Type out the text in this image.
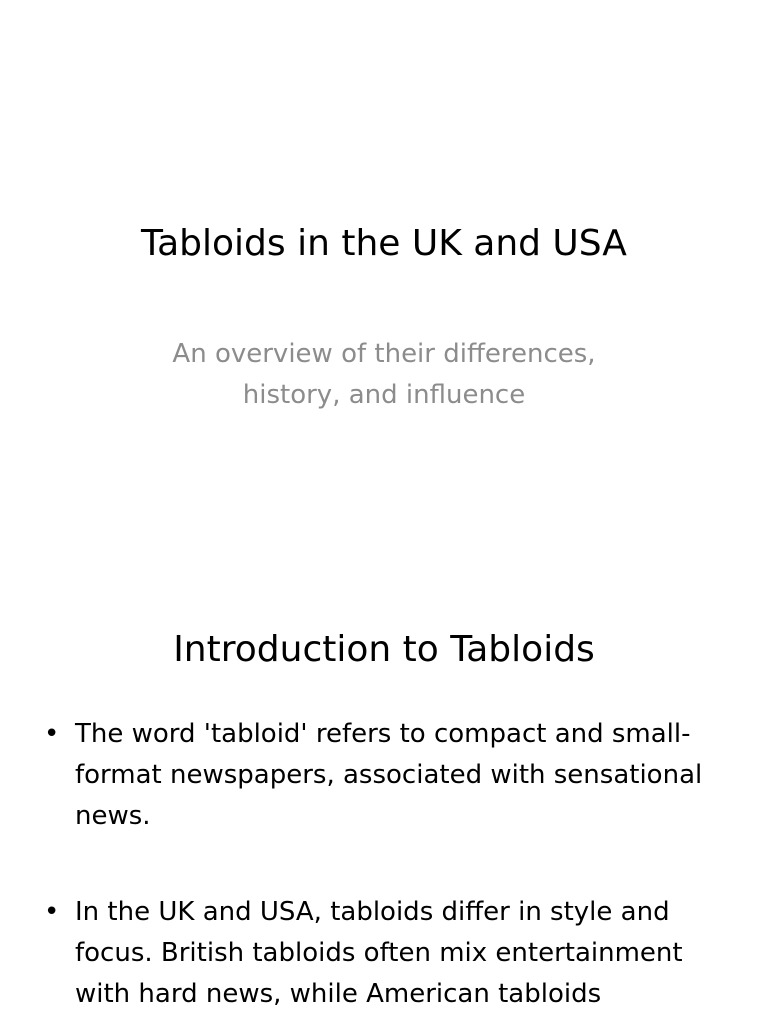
Tabloids in the UK and USA

An overview of their differences, history, and influence

Introduction to Tabloids
• The word 'tabloid' refers to compact and small-format newspapers, associated with sensational news.
• In the UK and USA, tabloids differ in style and focus. British tabloids often mix entertainment with hard news, while American tabloids
